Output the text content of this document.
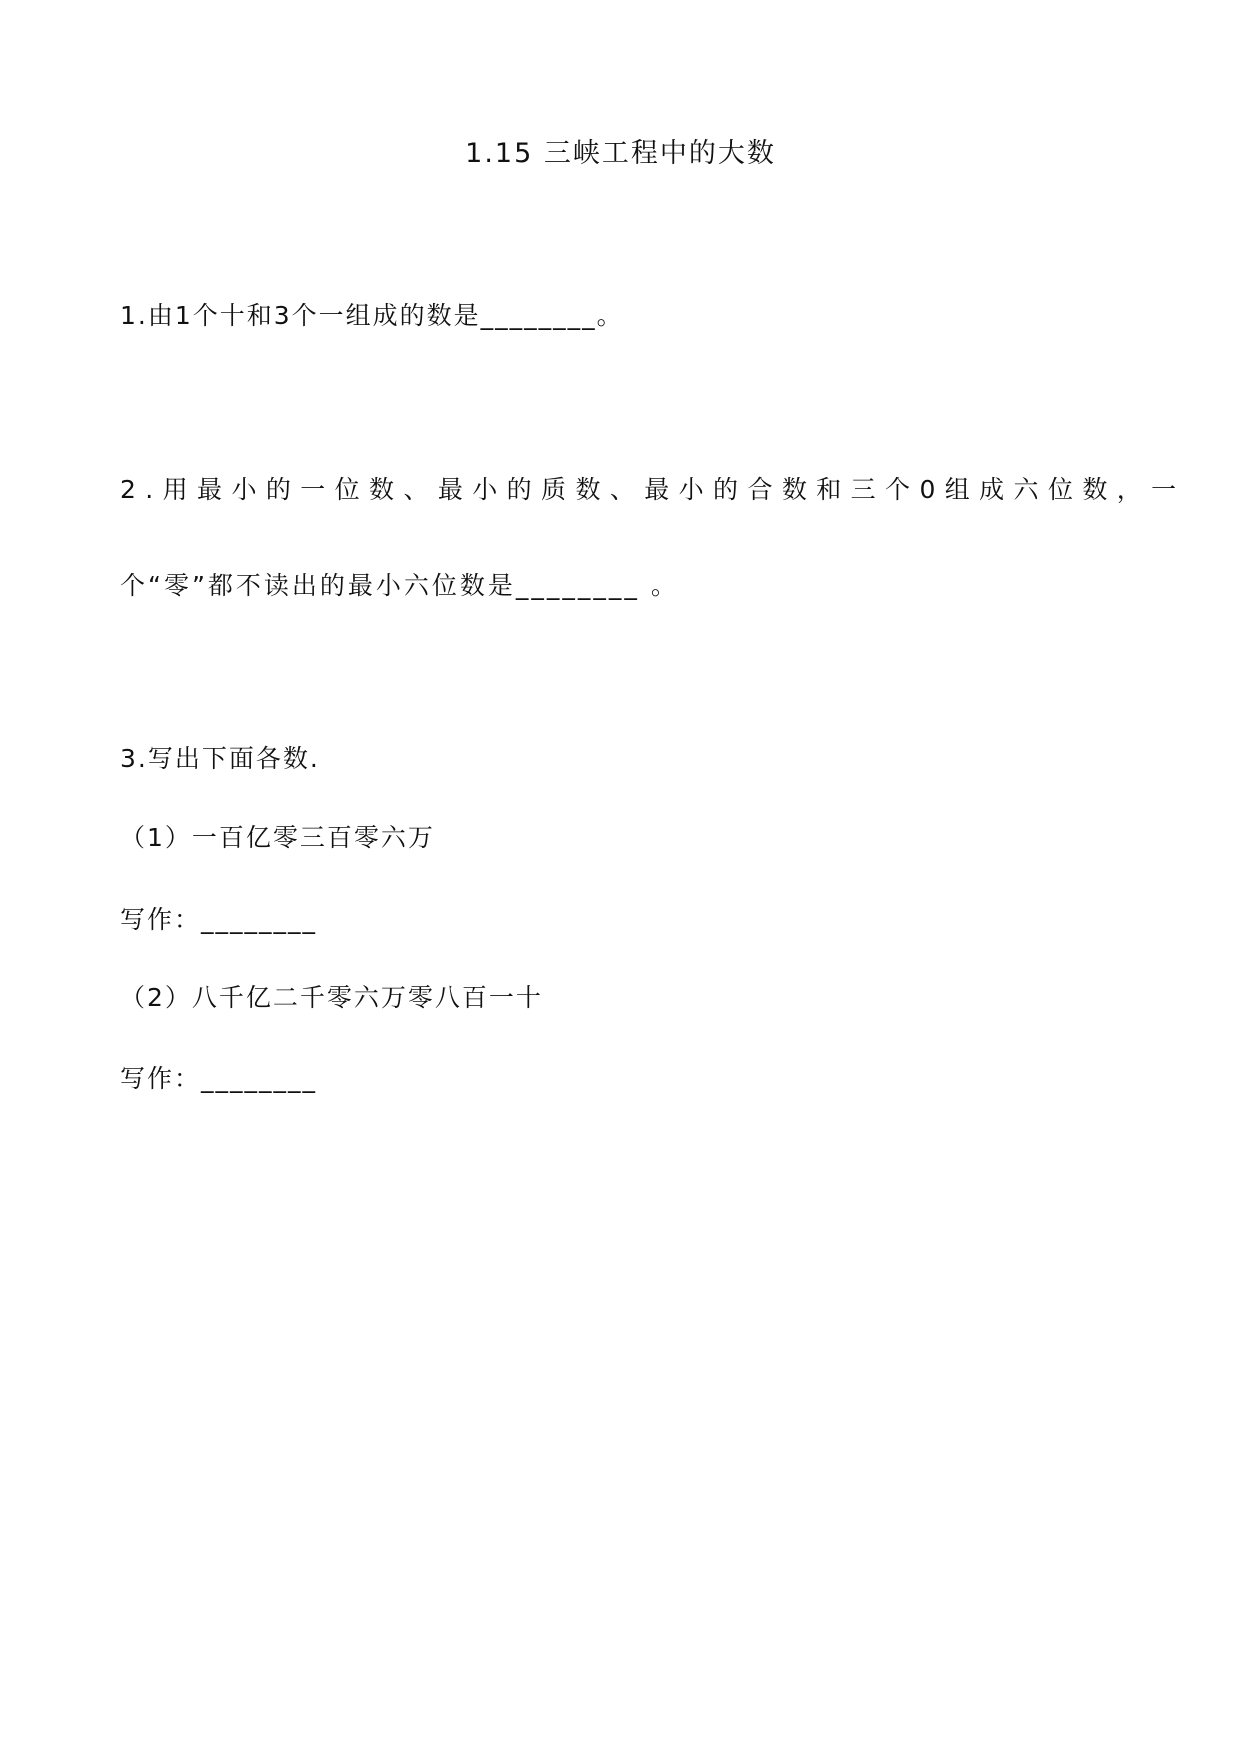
1.15 三峡工程中的大数
1.由1个十和3个一组成的数是________。
2.用最小的一位数、最小的质数、最小的合数和三个0组成六位数，一
个“零”都不读出的最小六位数是________ 。
3.写出下面各数.
（1）一百亿零三百零六万
写作：________
（2）八千亿二千零六万零八百一十
写作：________
